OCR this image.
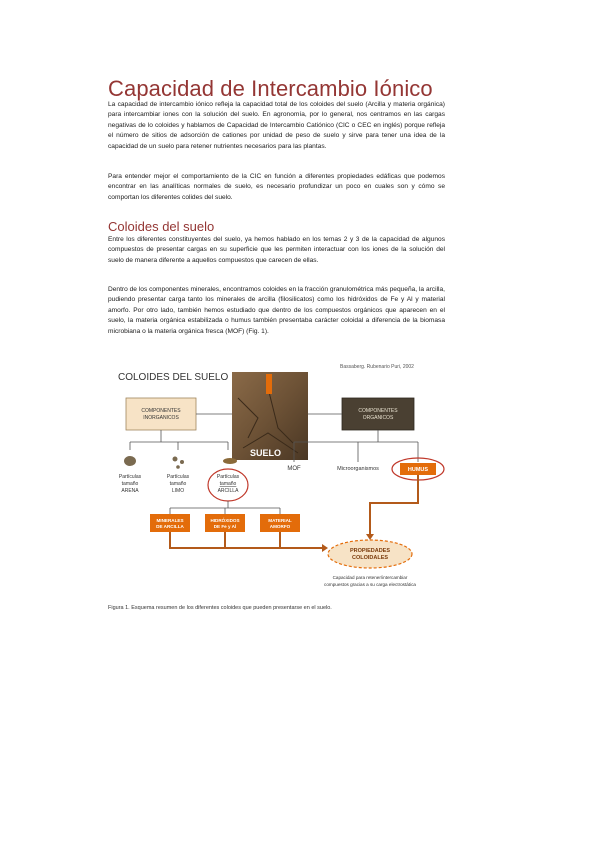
Capacidad de Intercambio Iónico

La capacidad de intercambio iónico refleja la capacidad total de los coloides del suelo (Arcilla y materia orgánica) para intercambiar iones con la solución del suelo. En agronomía, por lo general, nos centramos en las cargas negativas de lo coloides y hablamos de Capacidad de Intercambio Catiónico (CIC o CEC en inglés) porque refleja el número de sitios de adsorción de cationes por unidad de peso de suelo y sirve para tener una idea de la capacidad de un suelo para retener nutrientes necesarios para las plantas.

Para entender mejor el comportamiento de la CIC en función a diferentes propiedades edáficas que podemos encontrar en las analíticas normales de suelo, es necesario profundizar un poco en cuales son y cómo se comportan los diferentes colides del suelo.

Coloides del suelo

Entre los diferentes constituyentes del suelo, ya hemos hablado en los temas 2 y 3 de la capacidad de algunos compuestos de presentar cargas en su superficie que les permiten interactuar con los iones de la solución del suelo de manera diferente a aquellos compuestos que carecen de ellas.

Dentro de los componentes minerales, encontramos coloides en la fracción granulométrica más pequeña, la arcilla, pudiendo presentar carga tanto los minerales de arcilla (filosilicatos) como los hidróxidos de Fe y Al y material amorfo. Por otro lado, también hemos estudiado que dentro de los compuestos orgánicos que aparecen en el suelo, la materia orgánica estabilizada o humus también presentaba carácter coloidal a diferencia de la biomasa microbiana o la materia orgánica fresca (MOF) (Fig. 1).

COLOIDES DEL SUELO
Bassaberg. Rubenario Puri, 2002
SUELO
COMPONENTES
INORGANICOS
COMPONENTES
ORGANICOS
Partículas
tamaño
ARENA
Partículas
tamaño
LIMO
Partículas
tamaño
ARCILLA
MOF	Microorganismos	HUMUS
MINERALES
DE ARCILLA
HIDRÓXIDOS
DE Fe y Al
MATERIAL
AMORFO
PROPIEDADES
COLOIDALES
Capacidad para retener/intercambiar
compuestos gracias a su carga electrostática
Figura 1. Esquema resumen de los diferentes coloides que pueden presentarse en el suelo.
